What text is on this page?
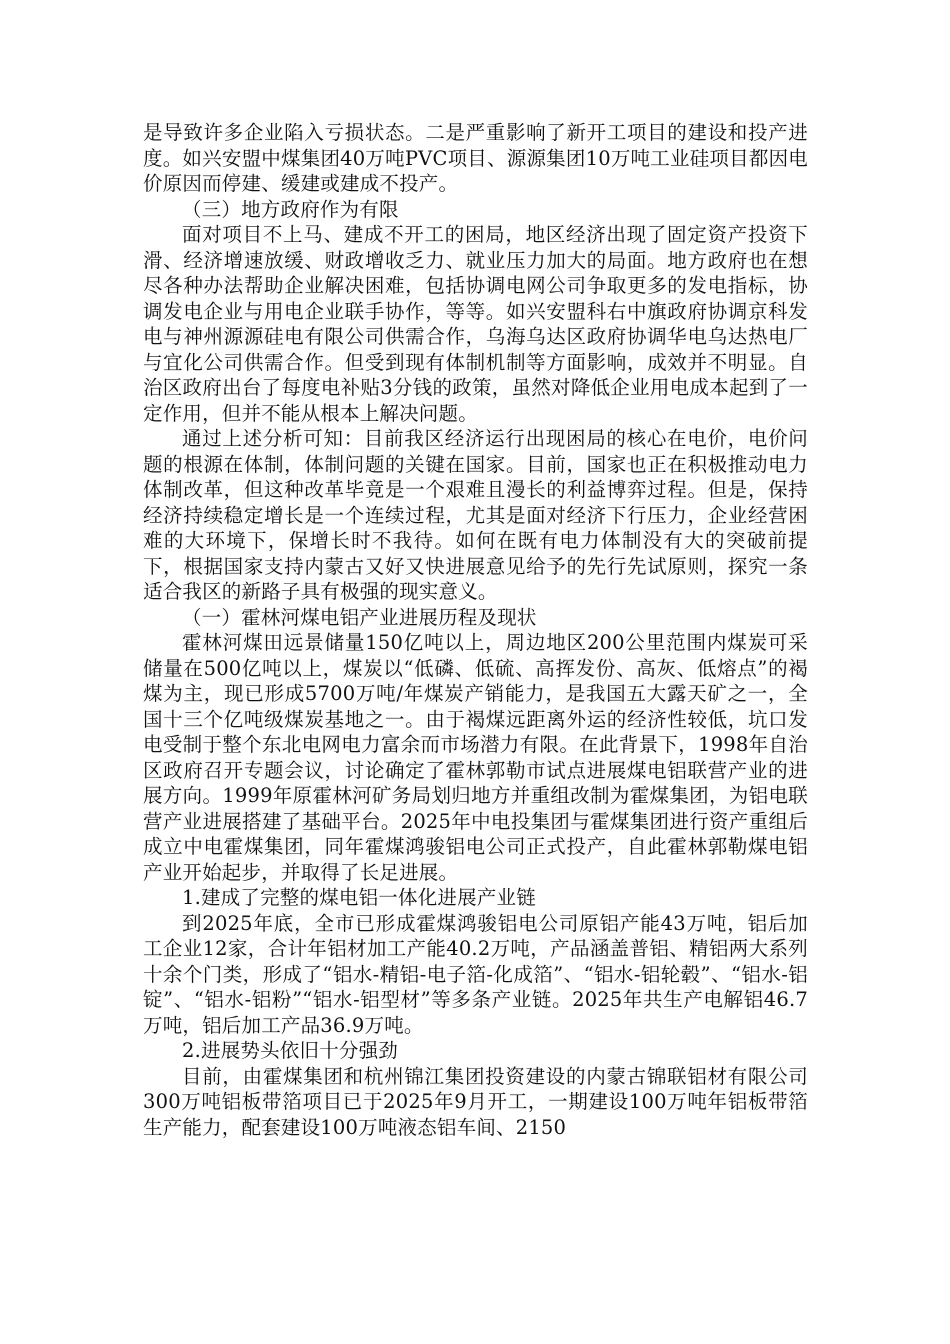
是导致许多企业陷入亏损状态。二是严重影响了新开工项目的建设和投产进度。如兴安盟中煤集团40万吨PVC项目、源源集团10万吨工业硅项目都因电价原因而停建、缓建或建成不投产。

（三）地方政府作为有限

面对项目不上马、建成不开工的困局，地区经济出现了固定资产投资下滑、经济增速放缓、财政增收乏力、就业压力加大的局面。地方政府也在想尽各种办法帮助企业解决困难，包括协调电网公司争取更多的发电指标，协调发电企业与用电企业联手协作，等等。如兴安盟科右中旗政府协调京科发电与神州源源硅电有限公司供需合作，乌海乌达区政府协调华电乌达热电厂与宜化公司供需合作。但受到现有体制机制等方面影响，成效并不明显。自治区政府出台了每度电补贴3分钱的政策，虽然对降低企业用电成本起到了一定作用，但并不能从根本上解决问题。

通过上述分析可知：目前我区经济运行出现困局的核心在电价，电价问题的根源在体制，体制问题的关键在国家。目前，国家也正在积极推动电力体制改革，但这种改革毕竟是一个艰难且漫长的利益博弈过程。但是，保持经济持续稳定增长是一个连续过程，尤其是面对经济下行压力，企业经营困难的大环境下，保增长时不我待。如何在既有电力体制没有大的突破前提下，根据国家支持内蒙古又好又快进展意见给予的先行先试原则，探究一条适合我区的新路子具有极强的现实意义。

（一）霍林河煤电铝产业进展历程及现状

霍林河煤田远景储量150亿吨以上，周边地区200公里范围内煤炭可采储量在500亿吨以上，煤炭以“低磷、低硫、高挥发份、高灰、低熔点”的褐煤为主，现已形成5700万吨/年煤炭产销能力，是我国五大露天矿之一，全国十三个亿吨级煤炭基地之一。由于褐煤远距离外运的经济性较低，坑口发电受制于整个东北电网电力富余而市场潜力有限。在此背景下，1998年自治区政府召开专题会议，讨论确定了霍林郭勒市试点进展煤电铝联营产业的进展方向。1999年原霍林河矿务局划归地方并重组改制为霍煤集团，为铝电联营产业进展搭建了基础平台。2025年中电投集团与霍煤集团进行资产重组后成立中电霍煤集团，同年霍煤鸿骏铝电公司正式投产，自此霍林郭勒煤电铝产业开始起步，并取得了长足进展。

1.建成了完整的煤电铝一体化进展产业链

到2025年底，全市已形成霍煤鸿骏铝电公司原铝产能43万吨，铝后加工企业12家，合计年铝材加工产能40.2万吨，产品涵盖普铝、精铝两大系列十余个门类，形成了“铝水-精铝-电子箔-化成箔”、“铝水-铝轮毂”、“铝水-铝锭”、“铝水-铝粉”“铝水-铝型材”等多条产业链。2025年共生产电解铝46.7万吨，铝后加工产品36.9万吨。

2.进展势头依旧十分强劲

目前，由霍煤集团和杭州锦江集团投资建设的内蒙古锦联铝材有限公司300万吨铝板带箔项目已于2025年9月开工，一期建设100万吨年铝板带箔生产能力，配套建设100万吨液态铝车间、2150
